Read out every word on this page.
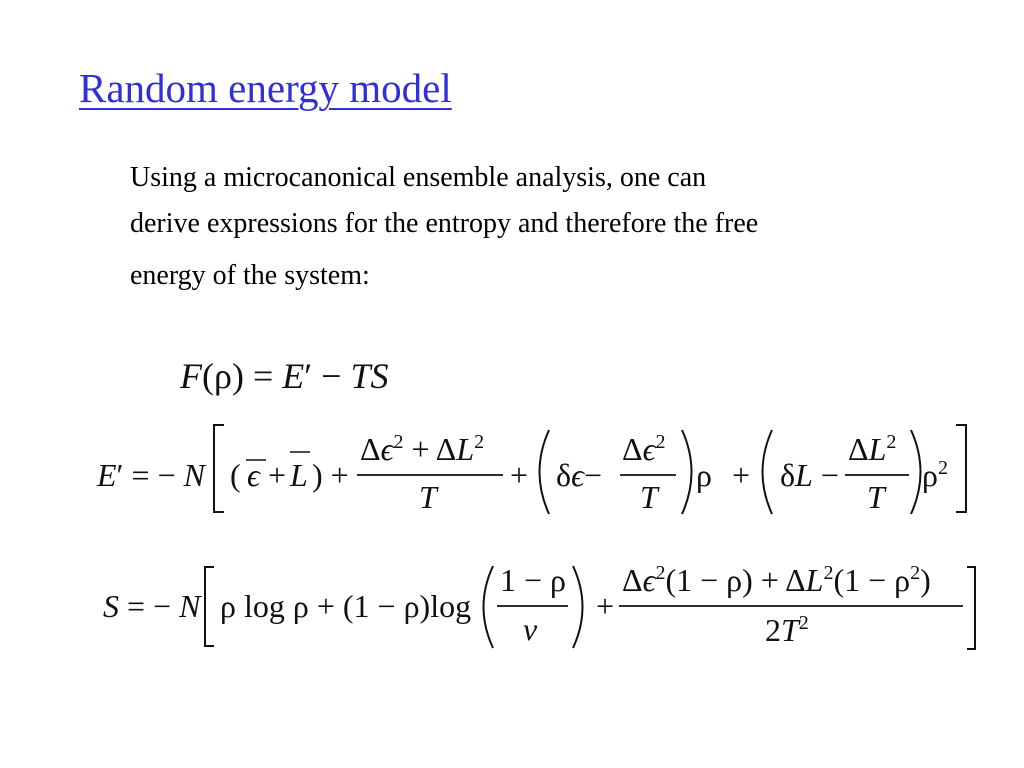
Random energy model
Using a microcanonical ensemble analysis, one can
derive expressions for the entropy and therefore the free
energy of the system:
F(ρ) = E′ − TS
E′ = − N ( ϵ + L ) +
$\Delta\epsilon^2 + \Delta L^2$
T
+ δϵ−
$\Delta\epsilon^2$
T
ρ + δL −
$\Delta L^2$
T
$\rho^2$
S = − N ρ log ρ + (1 − ρ)log
1 − ρ
ν
+
$\Delta\epsilon^2(1 - \rho) + \Delta L^2(1 - \rho^2)$
$2T^2$
